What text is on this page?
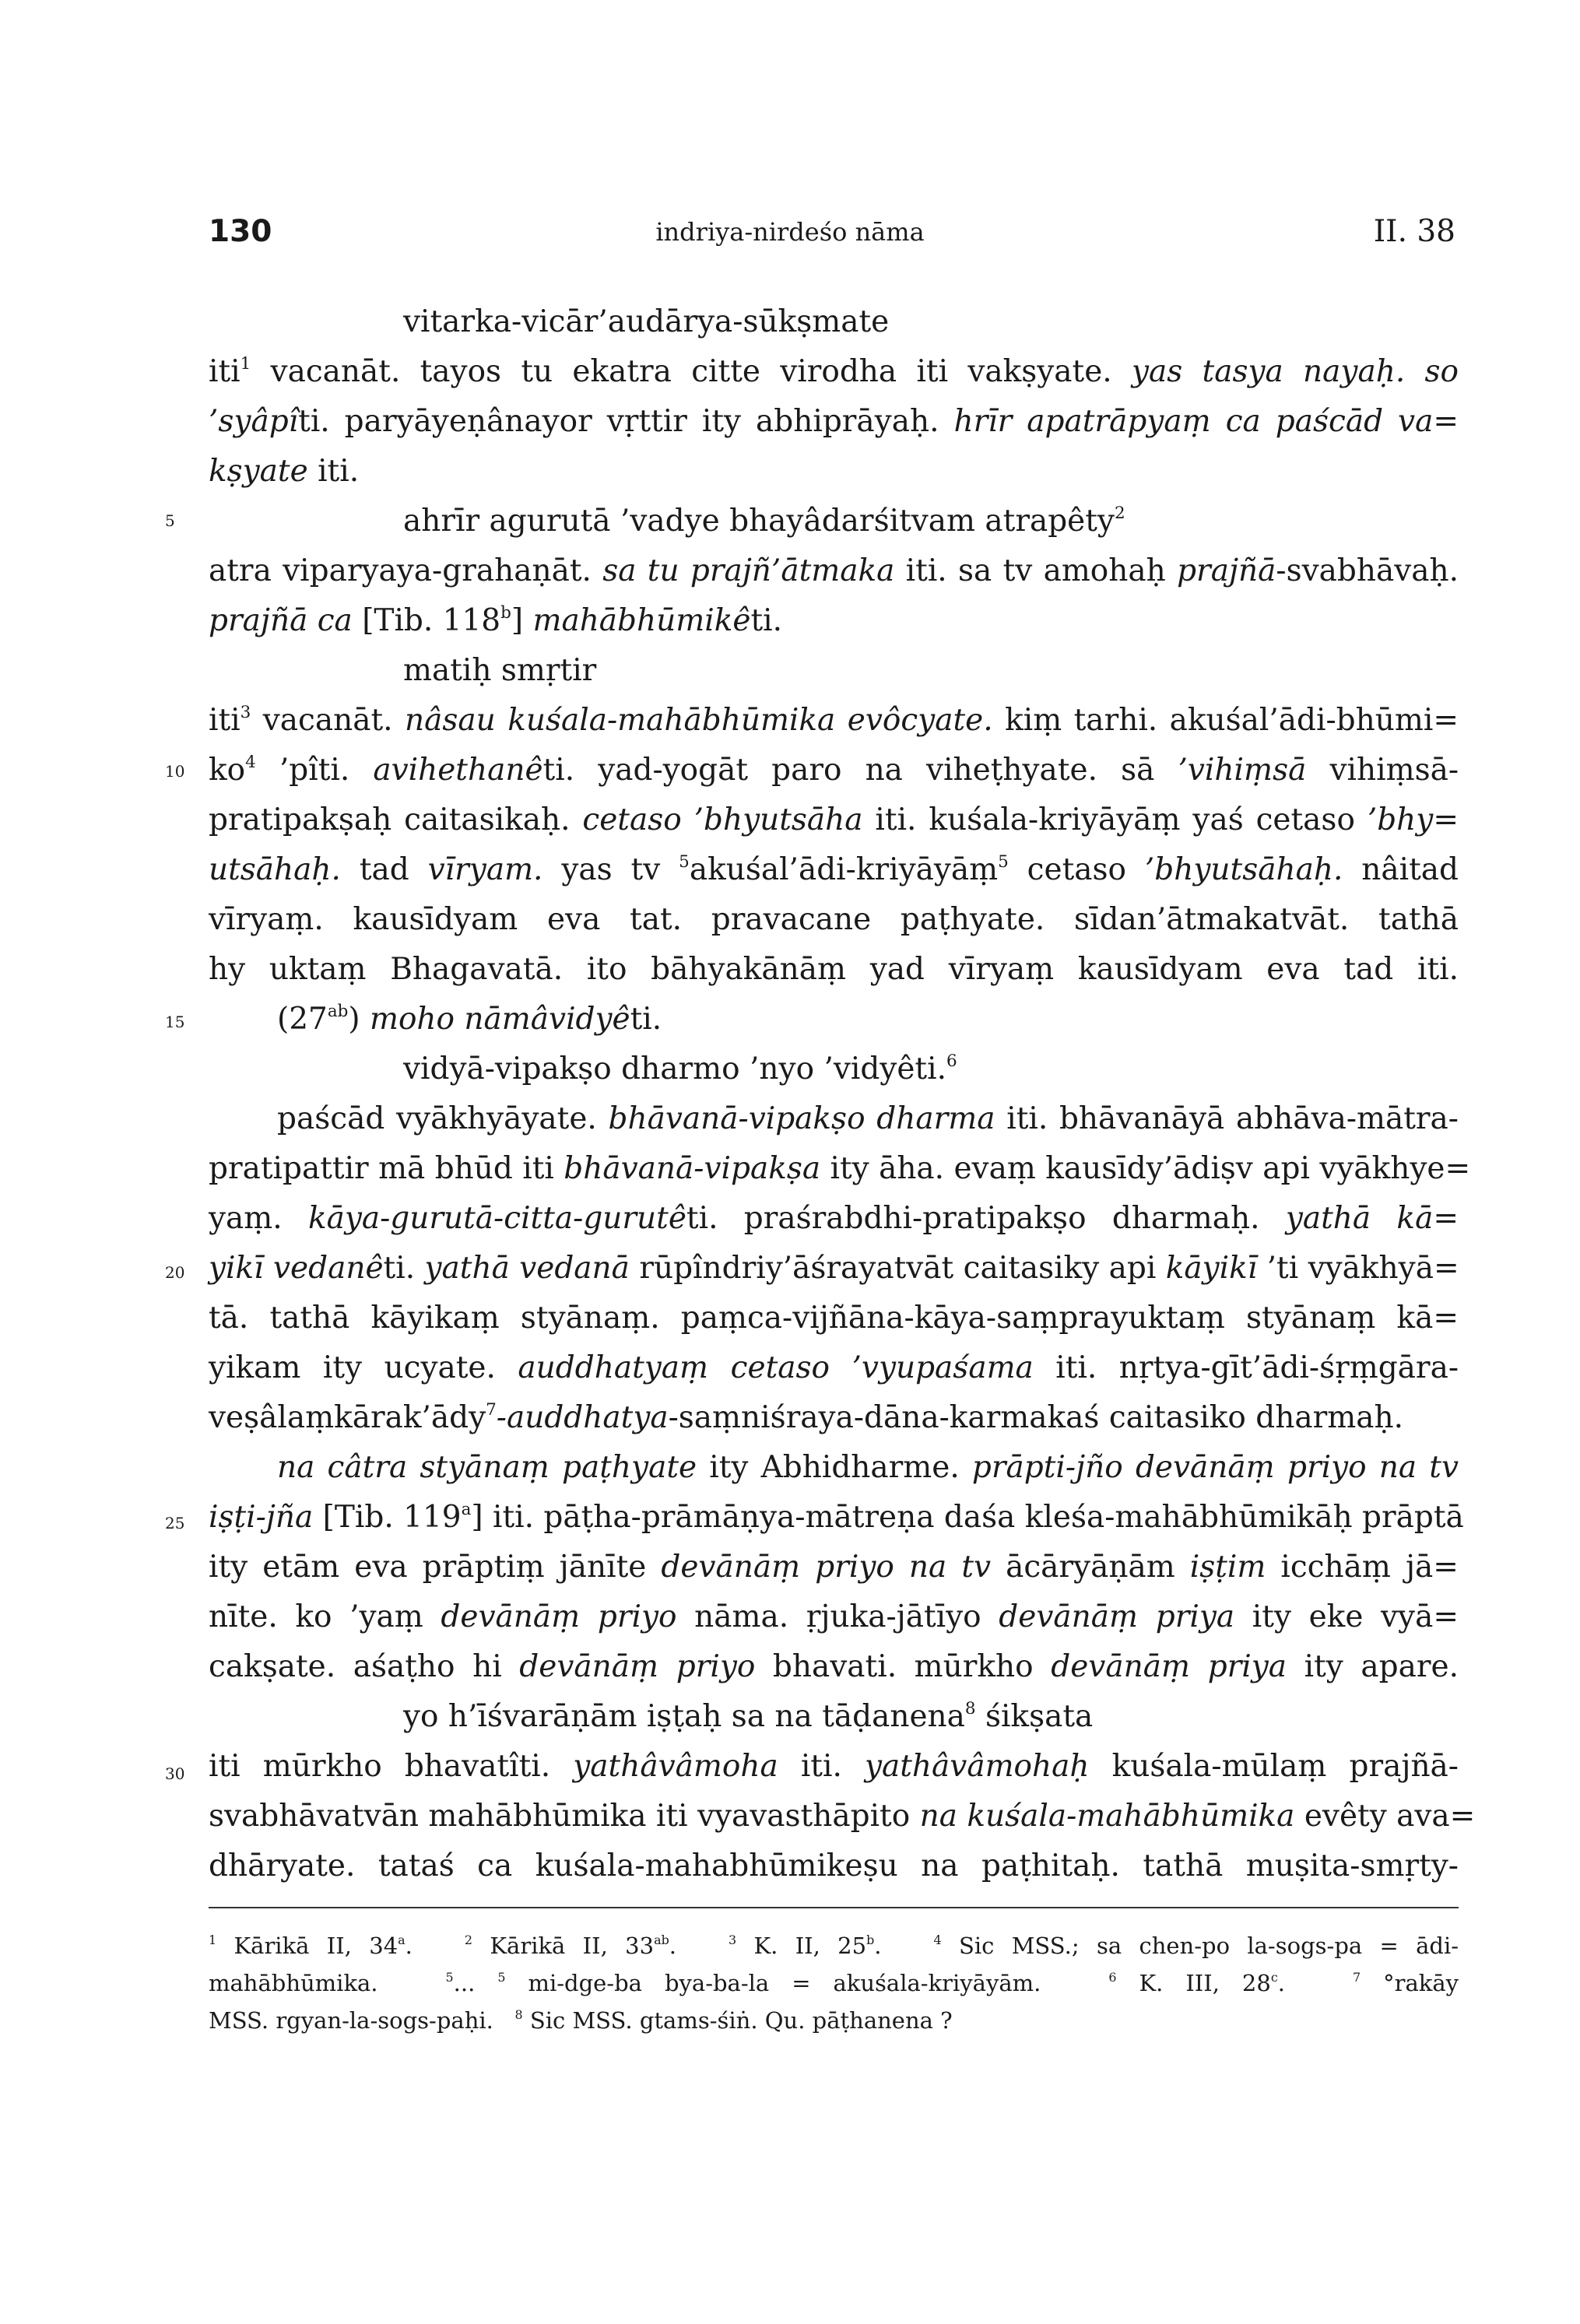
130	indriya-nirdeśo nāma	II. 38
5
10
15
20
25
30
vitarka-vicār’audārya-sūkṣmate
iti$^1$ vacanāt. tayos tu ekatra citte virodha iti vakṣyate. yas tasya nayaḥ. so
’syâpîti. paryāyeṇânayor vṛttir ity abhiprāyaḥ. hrīr apatrāpyaṃ ca paścād va=
kṣyate iti.
ahrīr agurutā ’vadye bhayâdarśitvam atrapêty$^2$
atra viparyaya-grahaṇāt. sa tu prajñ’ātmaka iti. sa tv amohaḥ prajñā-svabhāvaḥ.
prajñā ca [Tib. 118$^b$] mahābhūmikêti.
matiḥ smṛtir
iti$^3$ vacanāt. nâsau kuśala-mahābhūmika evôcyate. kiṃ tarhi. akuśal’ādi-bhūmi=
$ko^4$ ’pîti. avihethanêti. yad-yogāt paro na viheṭhyate. sā ’vihiṃsā vihiṃsā-
pratipakṣaḥ caitasikaḥ. cetaso ’bhyutsāha iti. kuśala-kriyāyāṃ yaś cetaso ’bhy=
utsāhaḥ. tad vīryam. yas tv $^5$akuśal’ādi-kriyāyāṃ$^5$ cetaso ’bhyutsāhaḥ. nâitad
vīryaṃ. kausīdyam eva tat. pravacane paṭhyate. sīdan’ātmakatvāt. tathā
hy uktaṃ Bhagavatā. ito bāhyakānāṃ yad vīryaṃ kausīdyam eva tad iti.
$(27^{ab})$ moho nāmâvidyêti.
vidyā-vipakṣo dharmo ’nyo ’vidyêti.$^6$
paścād vyākhyāyate. bhāvanā-vipakṣo dharma iti. bhāvanāyā abhāva-mātra-
pratipattir mā bhūd iti bhāvanā-vipakṣa ity āha. evaṃ kausīdy’ādiṣv api vyākhye=
yaṃ. kāya-gurutā-citta-gurutêti. praśrabdhi-pratipakṣo dharmaḥ. yathā kā=
yikī vedanêti. yathā vedanā rūpîndriy’āśrayatvāt caitasiky api kāyikī ’ti vyākhyā=
tā. tathā kāyikaṃ styānaṃ. paṃca-vijñāna-kāya-saṃprayuktaṃ styānaṃ kā=
yikam ity ucyate. auddhatyaṃ cetaso ’vyupaśama iti. nṛtya-gīt’ādi-śṛṃgāra-
veṣâlaṃkārak’ādy$^7$-auddhatya-saṃniśraya-dāna-karmakaś caitasiko dharmaḥ.
na câtra styānaṃ paṭhyate ity Abhidharme. prāpti-jño devānāṃ priyo na tv
iṣṭi-jña [Tib. 119$^a$] iti. pāṭha-prāmāṇya-mātreṇa daśa kleśa-mahābhūmikāḥ prāptā
ity etām eva prāptiṃ jānīte devānāṃ priyo na tv ācāryāṇām iṣṭim icchāṃ jā=
nīte. ko ’yaṃ devānāṃ priyo nāma. ṛjuka-jātīyo devānāṃ priya ity eke vyā=
cakṣate. aśaṭho hi devānāṃ priyo bhavati. mūrkho devānāṃ priya ity apare.
yo h’īśvarāṇām iṣṭaḥ sa na tāḍanena$^8$ śikṣata
iti mūrkho bhavatîti. yathâvâmoha iti. yathâvâmohaḥ kuśala-mūlaṃ prajñā-
svabhāvatvān mahābhūmika iti vyavasthāpito na kuśala-mahābhūmika evêty ava=
dhāryate. tataś ca kuśala-mahabhūmikeṣu na paṭhitaḥ. tathā muṣita-smṛty-
$^1$ Kārikā II, 34$^a$.   $^2$ Kārikā II, $33^{ab}$.   $^3$ K. II, 25$^b$.   $^4$ Sic MSS.; sa chen-po la-sogs-pa = ādi-
mahābhūmika.	$^5$... $^5$ mi-dge-ba bya-ba-la = akuśala-kriyāyām.	$^6$ K. III, 28$^c$.   $^7$ °rakāy
MSS. rgyan-la-sogs-paḥi. $^8$ Sic MSS. gtams-śiṅ. Qu. pāṭhanena ?
